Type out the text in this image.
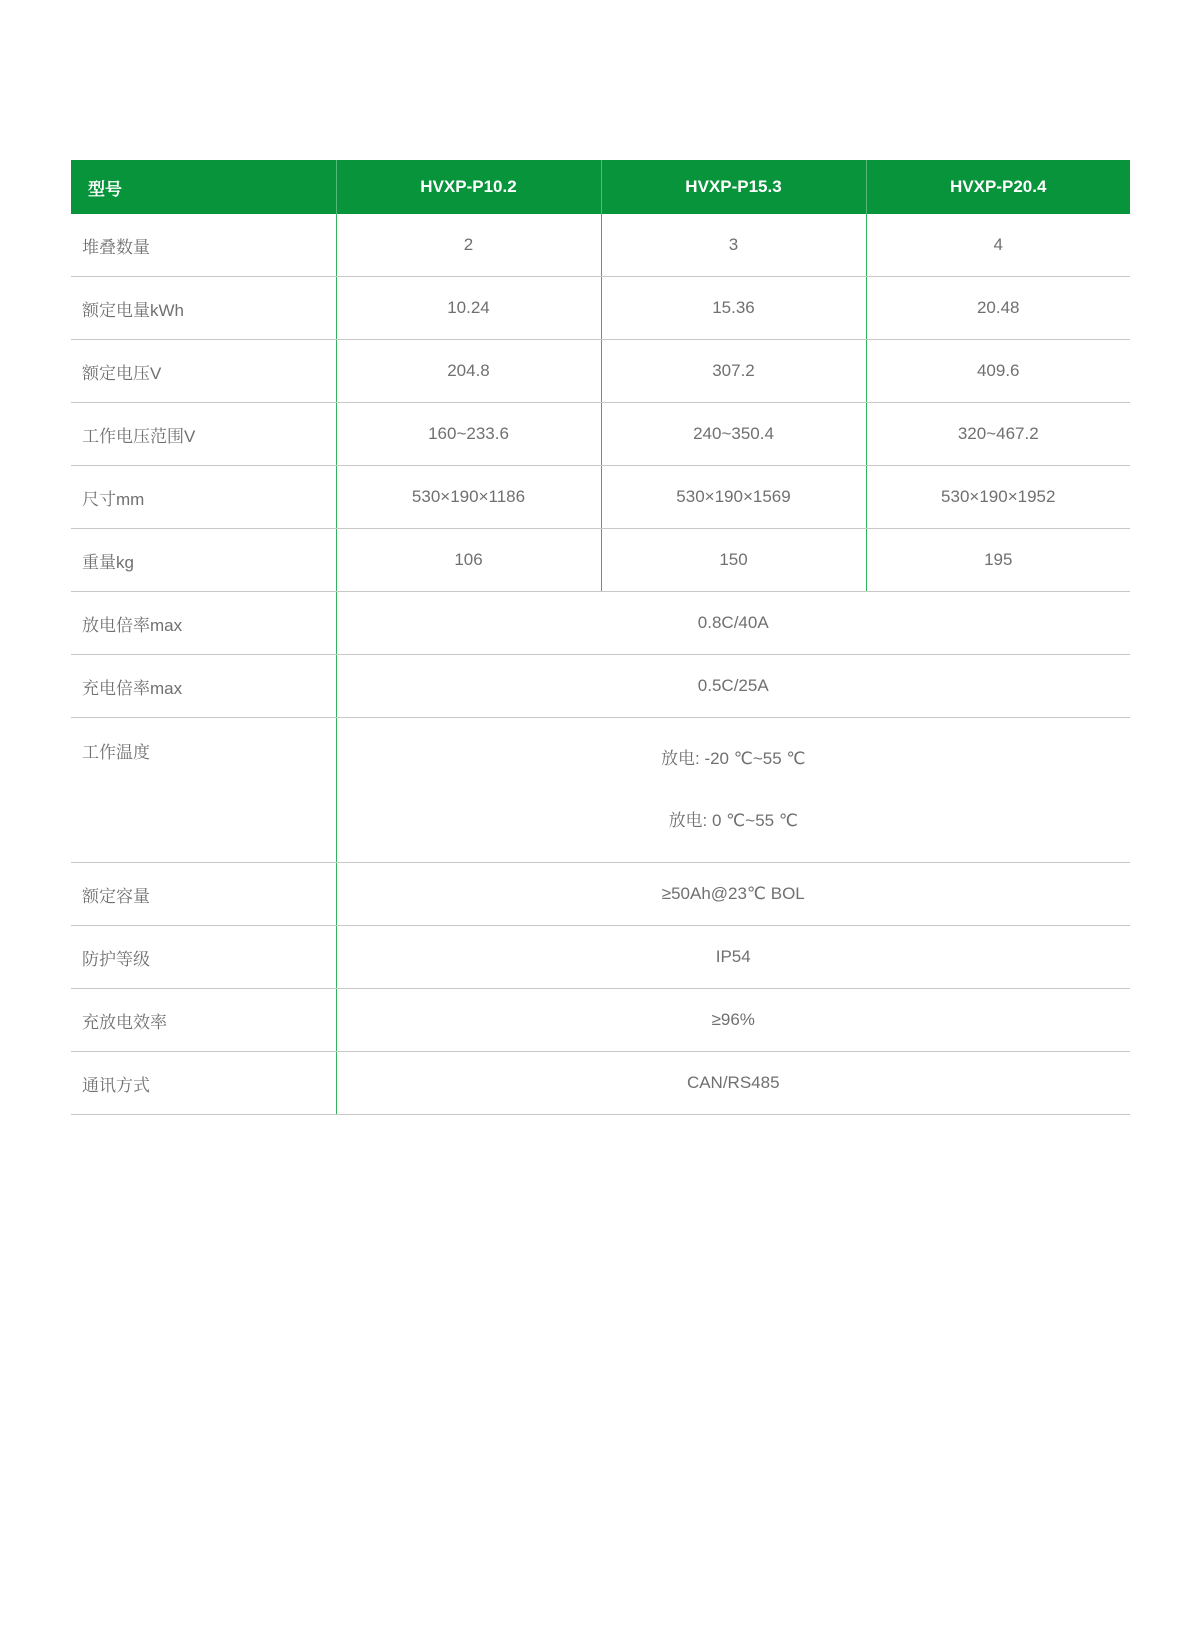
型号	HVXP-P10.2	HVXP-P15.3	HVXP-P20.4
堆叠数量	2	3	4
额定电量kWh	10.24	15.36	20.48
额定电压V	204.8	307.2	409.6
工作电压范围V	160~233.6	240~350.4	320~467.2
尺寸mm	530×190×1186	530×190×1569	530×190×1952
重量kg	106	150	195
放电倍率max	0.8C/40A		
充电倍率max	0.5C/25A		
工作温度	放电: -20 ℃~55 ℃
放电: 0 ℃~55 ℃		

额定容量	≥50Ah@23℃ BOL		
防护等级	IP54		
充放电效率	≥96%		
通讯方式	CAN/RS485		
